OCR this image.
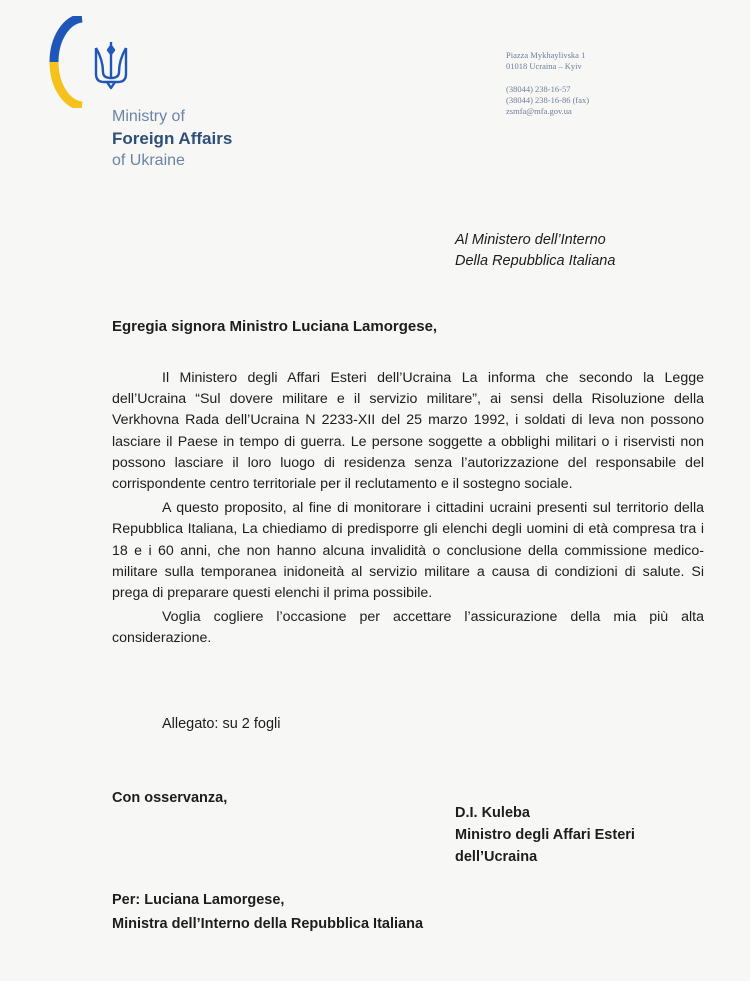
Ministry of
Foreign Affairs
of Ukraine
Piazza Mykhaylivska 1
01018 Ucraina – Kyiv
(38044) 238-16-57
(38044) 238-16-86 (fax)
zsmfa@mfa.gov.ua
Al Ministero dell’Interno
Della Repubblica Italiana
Egregia signora Ministro Luciana Lamorgese,

Il Ministero degli Affari Esteri dell’Ucraina La informa che secondo la Legge dell’Ucraina “Sul dovere militare e il servizio militare”, ai sensi della Risoluzione della Verkhovna Rada dell’Ucraina N 2233-XII del 25 marzo 1992, i soldati di leva non possono lasciare il Paese in tempo di guerra. Le persone soggette a obblighi militari o i riservisti non possono lasciare il loro luogo di residenza senza l’autorizzazione del responsabile del corrispondente centro territoriale per il reclutamento e il sostegno sociale.

A questo proposito, al fine di monitorare i cittadini ucraini presenti sul territorio della Repubblica Italiana, La chiediamo di predisporre gli elenchi degli uomini di età compresa tra i 18 e i 60 anni, che non hanno alcuna invalidità o conclusione della commissione medico-militare sulla temporanea inidoneità al servizio militare a causa di condizioni di salute. Si prega di preparare questi elenchi il prima possibile.

Voglia cogliere l’occasione per accettare l’assicurazione della mia più alta considerazione.

Allegato: su 2 fogli
Con osservanza,
D.I. Kuleba
Ministro degli Affari Esteri
dell’Ucraina
Per: Luciana Lamorgese,
Ministra dell’Interno della Repubblica Italiana
